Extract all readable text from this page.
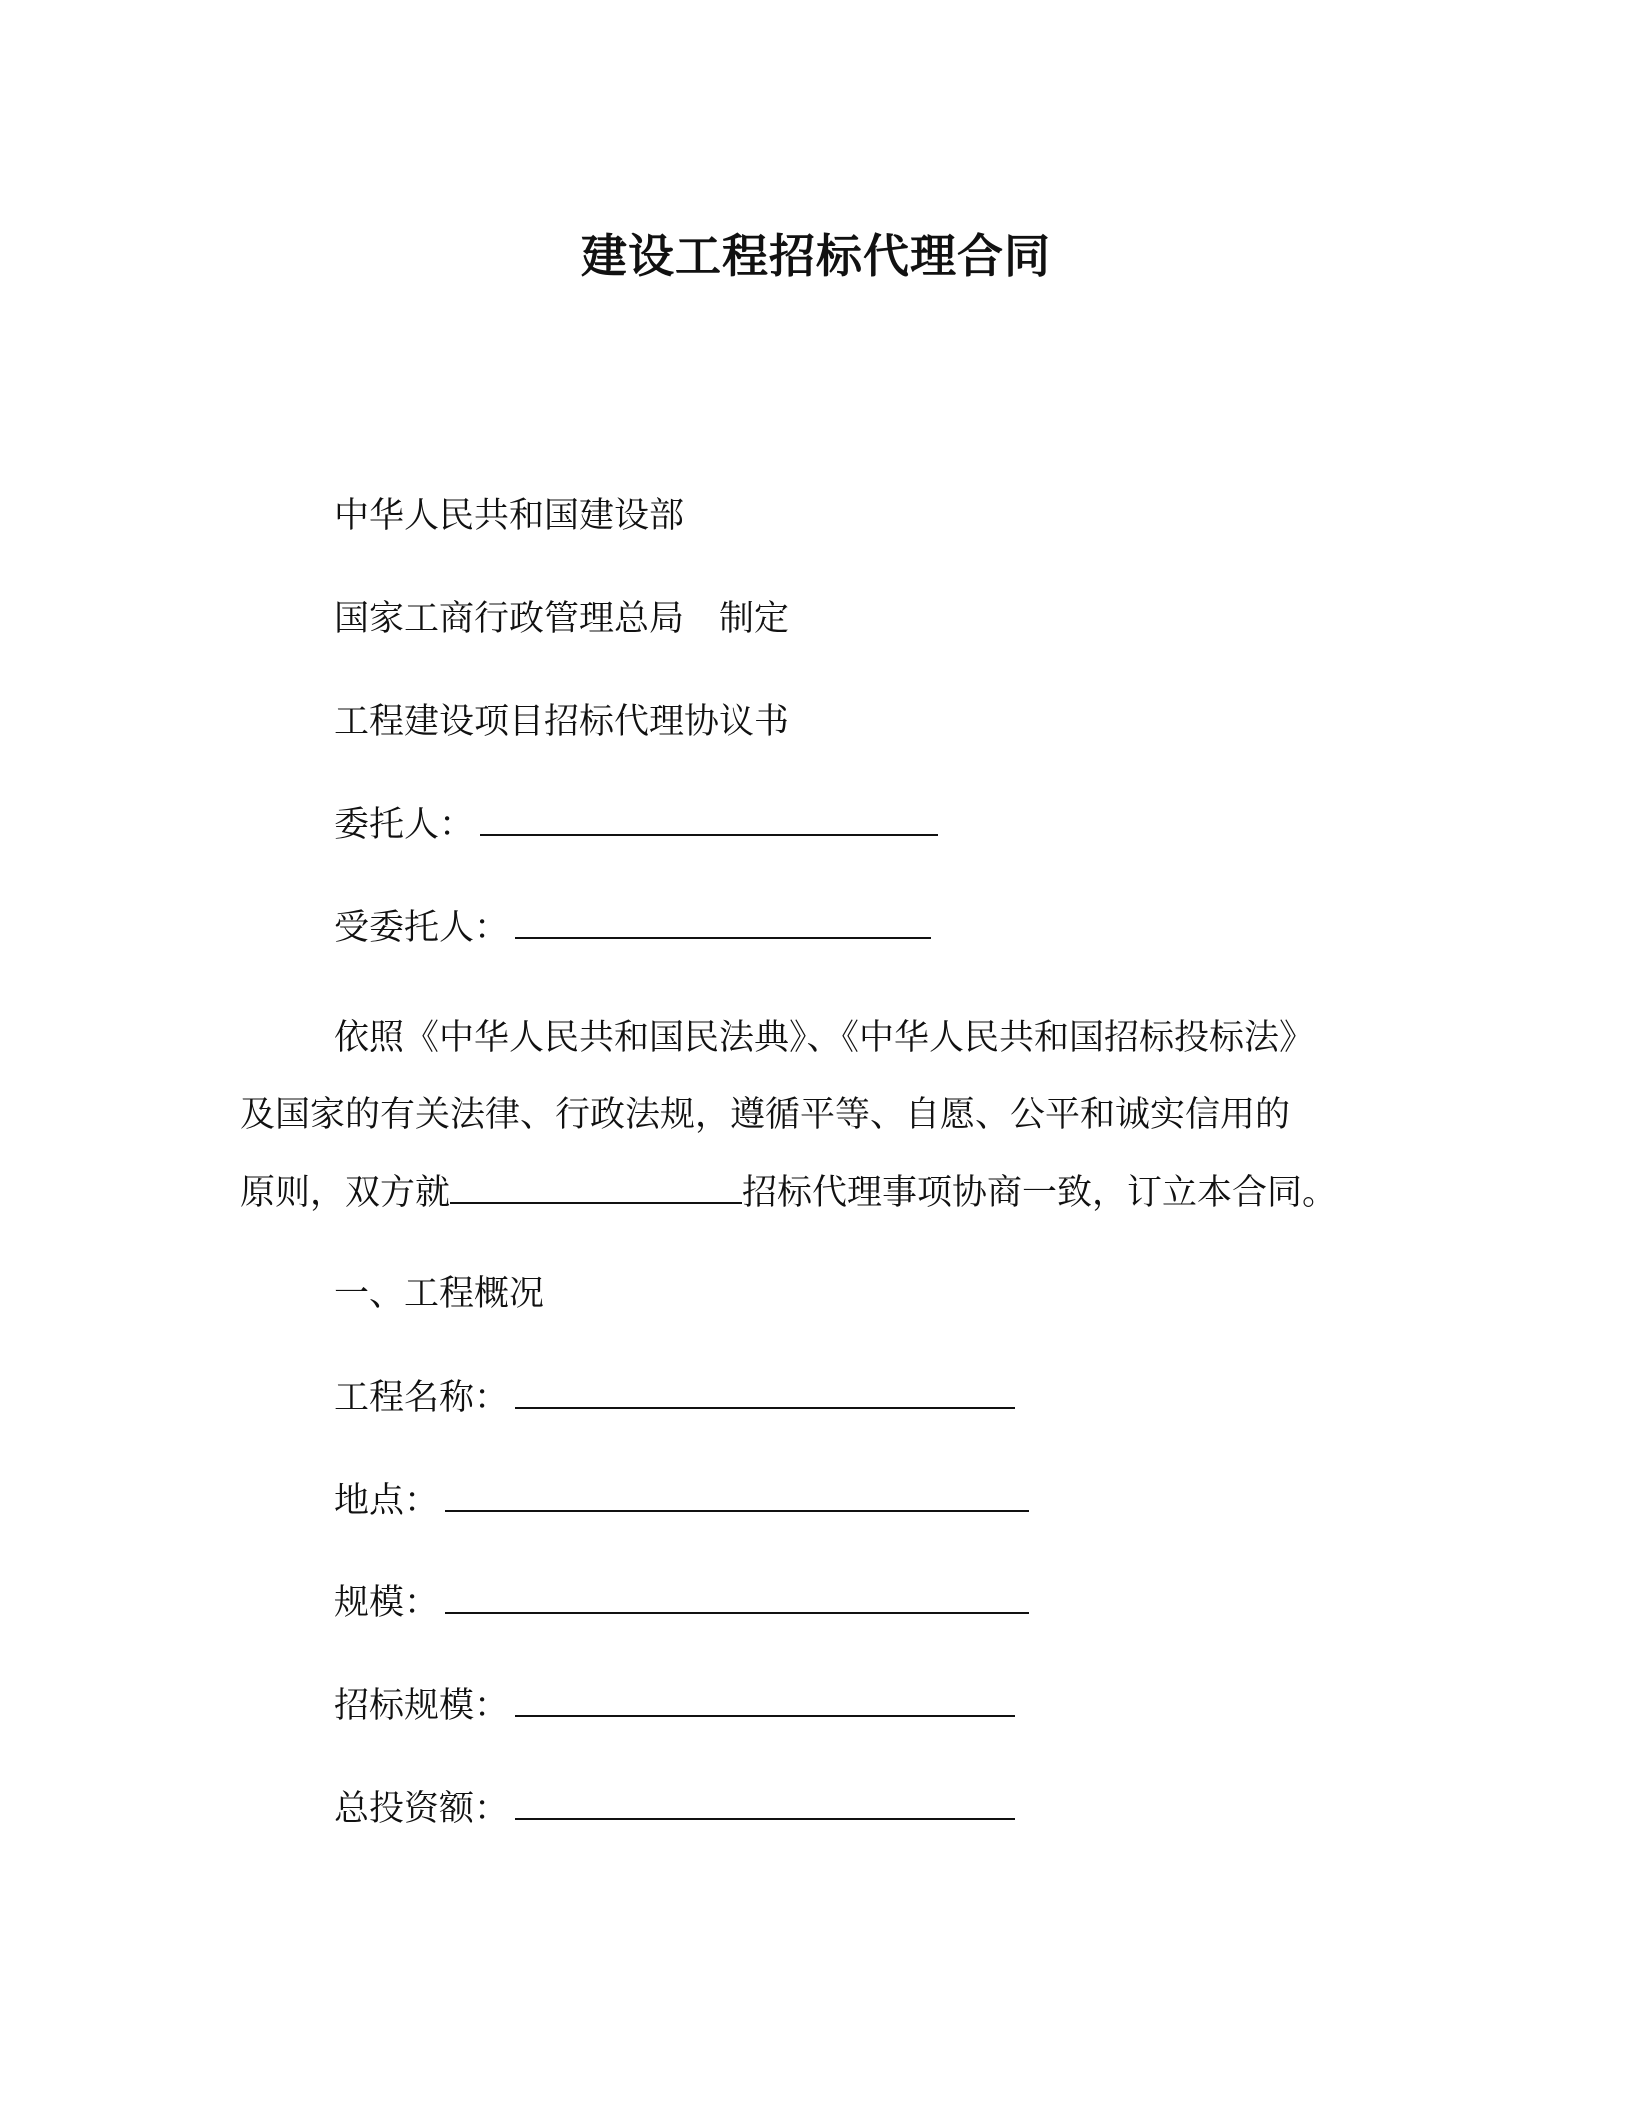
建设工程招标代理合同
中华人民共和国建设部
国家工商行政管理总局　制定
工程建设项目招标代理协议书
委托人：
受委托人：
依照《中华人民共和国民法典》、《中华人民共和国招标投标法》
及国家的有关法律、行政法规，遵循平等、自愿、公平和诚实信用的
原则，双方就	招标代理事项协商一致，订立本合同。
一、工程概况
工程名称：
地点：
规模：
招标规模：
总投资额：
